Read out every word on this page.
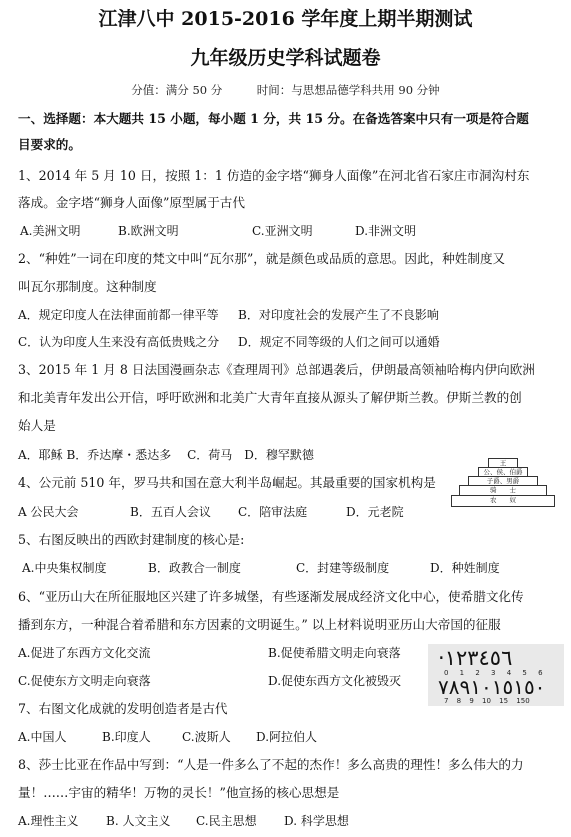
江津八中 2015-2016 学年度上期半期测试
九年级历史学科试题卷
分值：满分 50 分　　　时间：与思想品德学科共用 90 分钟
一、选择题：本大题共 15 小题，每小题 1 分，共 15 分。在备选答案中只有一项是符合题
目要求的。
1、2014 年 5 月 10 日，按照 1：1 仿造的金字塔“狮身人面像”在河北省石家庄市洞沟村东
落成。金字塔“狮身人面像”原型属于古代
A.美洲文明	B.欧洲文明	C.亚洲文明	D.非洲文明
2、“种姓”一词在印度的梵文中叫“瓦尔那”，就是颜色或品质的意思。因此，种姓制度又
叫瓦尔那制度。这种制度
A．规定印度人在法律面前都一律平等 B．对印度社会的发展产生了不良影响
C．认为印度人生来没有高低贵贱之分 D．规定不同等级的人们之间可以通婚
3、2015 年 1 月 8 日法国漫画杂志《查理周刊》总部遇袭后，伊朗最高领袖哈梅内伊向欧洲
和北美青年发出公开信，呼吁欧洲和北美广大青年直接从源头了解伊斯兰教。伊斯兰教的创
始人是
A．耶稣 B．乔达摩・悉达多　 C．荷马　D．穆罕默德
4、公元前 510 年，罗马共和国在意大利半岛崛起。其最重要的国家机构是
A 公民大会	B．五百人会议 C．陪审法庭	D．元老院
王
公、侯、伯爵
子爵、男爵
骑　　士
农　　奴
5、右图反映出的西欧封建制度的核心是:
A.中央集权制度	B．政教合一制度	C．封建等级制度	D．种姓制度
6、“亚历山大在所征服地区兴建了许多城堡，有些逐渐发展成经济文化中心，使希腊文化传
播到东方，一种混合着希腊和东方因素的文明诞生。” 以上材料说明亚历山大帝国的征服
A.促进了东西方文化交流	B.促使希腊文明走向衰落
C.促使东方文明走向衰落	D.促使东西方文化被毁灭
·١٢٣٤٥٦
0 1 2 3 4 5 6
٧٨٩١٠١٥١٥٠
7 8 9 10 15 150
7、右图文化成就的发明创造者是古代
A.中国人	B.印度人	C.波斯人 D.阿拉伯人
8、莎士比亚在作品中写到：“人是一件多么了不起的杰作！多么高贵的理性！多么伟大的力
量！……宇宙的精华！万物的灵长！”他宣扬的核心思想是
A.理性主义 B. 人文主义 C.民主思想 D. 科学思想
